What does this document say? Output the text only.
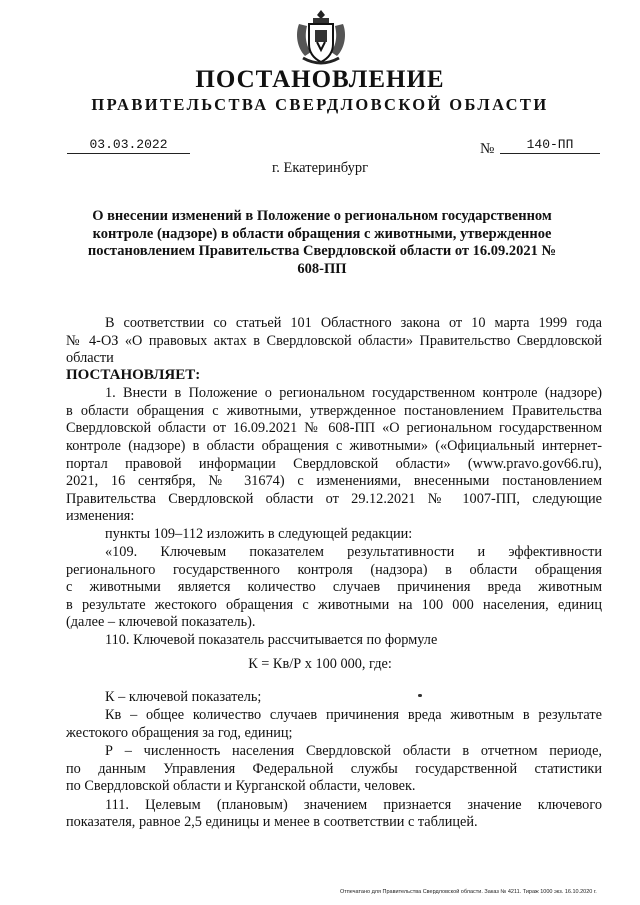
ПОСТАНОВЛЕНИЕ
ПРАВИТЕЛЬСТВА СВЕРДЛОВСКОЙ ОБЛАСТИ
03.03.2022	№	140-ПП
г. Екатеринбург
О внесении изменений в Положение о региональном государственном контроле (надзоре) в области обращения с животными, утвержденное постановлением Правительства Свердловской области от 16.09.2021 № 608-ПП
В соответствии со статьей 101 Областного закона от 10 марта 1999 года
№ 4-ОЗ «О правовых актах в Свердловской области» Правительство Свердловской
области
ПОСТАНОВЛЯЕТ:
1. Внести в Положение о региональном государственном контроле (надзоре)
в области обращения с животными, утвержденное постановлением Правительства
Свердловской области от 16.09.2021 № 608-ПП «О региональном государственном
контроле (надзоре) в области обращения с животными» («Официальный интернет-
портал правовой информации Свердловской области» (www.pravo.gov66.ru),
2021, 16 сентября, № 31674) с изменениями, внесенными постановлением
Правительства Свердловской области от 29.12.2021 № 1007-ПП, следующие
изменения:
пункты 109–112 изложить в следующей редакции:
«109. Ключевым показателем результативности и эффективности
регионального государственного контроля (надзора) в области обращения
с животными является количество случаев причинения вреда животным
в результате жестокого обращения с животными на 100 000 населения, единиц
(далее – ключевой показатель).
110. Ключевой показатель рассчитывается по формуле
К = Кв/Р х 100 000, где:
К – ключевой показатель;
Кв – общее количество случаев причинения вреда животным в результате
жестокого обращения за год, единиц;
Р – численность населения Свердловской области в отчетном периоде,
по данным Управления Федеральной службы государственной статистики
по Свердловской области и Курганской области, человек.
111. Целевым (плановым) значением признается значение ключевого
показателя, равное 2,5 единицы и менее в соответствии с таблицей.
Отпечатано для Правительства Свердловской области. Заказ № 4211. Тираж 1000 экз. 16.10.2020 г.
